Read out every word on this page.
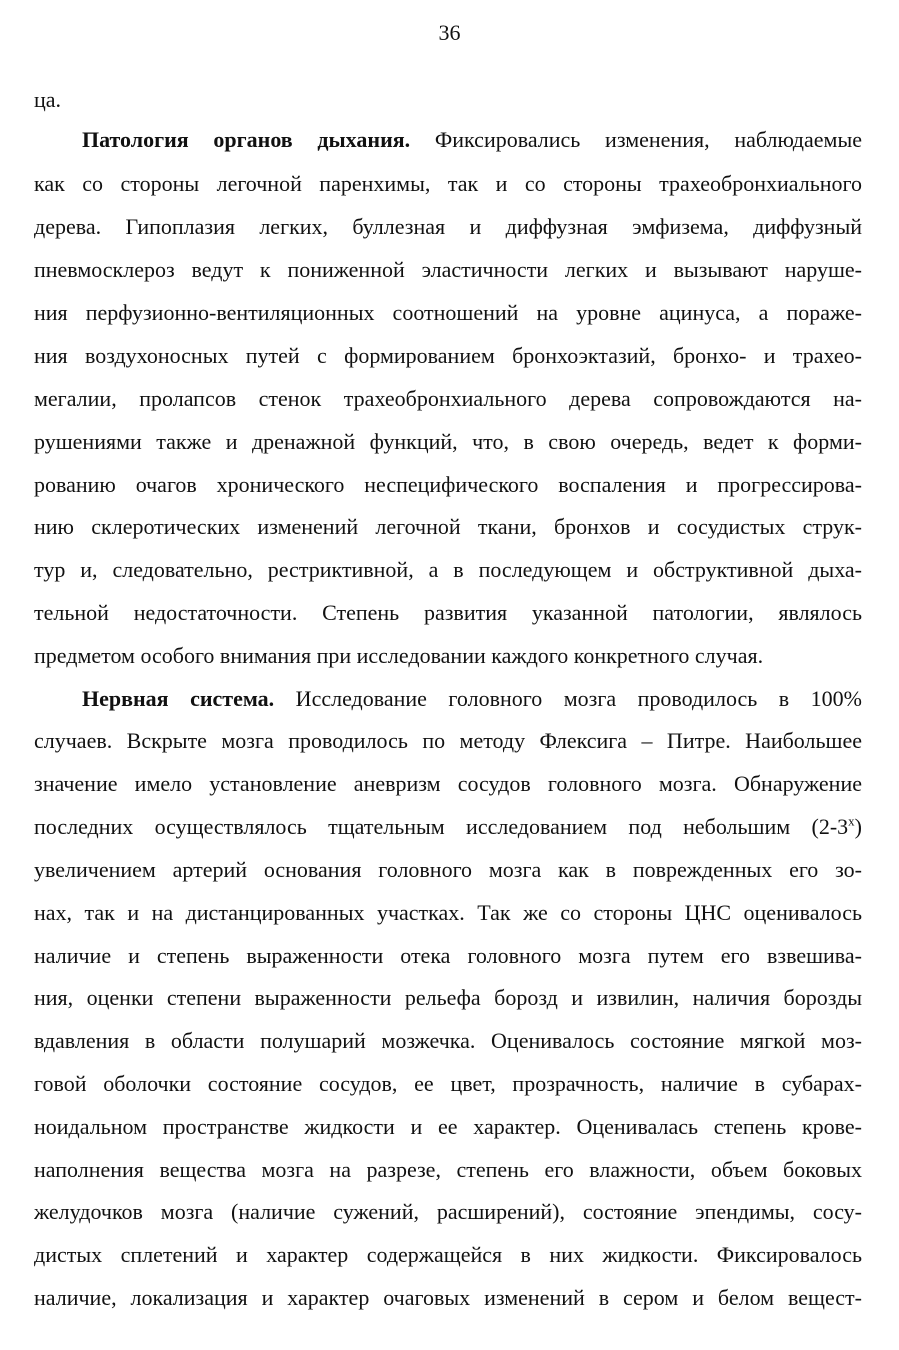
36
ца.
Патология органов дыхания. Фиксировались изменения, наблюдаемые
как со стороны легочной паренхимы, так и со стороны трахеобронхиального
дерева. Гипоплазия легких, буллезная и диффузная эмфизема, диффузный
пневмосклероз ведут к пониженной эластичности легких и вызывают наруше-
ния перфузионно-вентиляционных соотношений на уровне ацинуса, а пораже-
ния воздухоносных путей с формированием бронхоэктазий, бронхо- и трахео-
мегалии, пролапсов стенок трахеобронхиального дерева сопровождаются на-
рушениями также и дренажной функций, что, в свою очередь, ведет к форми-
рованию очагов хронического неспецифического воспаления и прогрессирова-
нию склеротических изменений легочной ткани, бронхов и сосудистых струк-
тур и, следовательно, рестриктивной, а в последующем и обструктивной дыха-
тельной недостаточности. Степень развития указанной патологии, являлось
предметом особого внимания при исследовании каждого конкретного случая.
Нервная система. Исследование головного мозга проводилось в 100%
случаев. Вскрыте мозга проводилось по методу Флексига – Питре. Наибольшее
значение имело установление аневризм сосудов головного мозга. Обнаружение
последних осуществлялось тщательным исследованием под небольшим $(2-3^х)$
увеличением артерий основания головного мозга как в поврежденных его зо-
нах, так и на дистанцированных участках. Так же со стороны ЦНС оценивалось
наличие и степень выраженности отека головного мозга путем его взвешива-
ния, оценки степени выраженности рельефа борозд и извилин, наличия борозды
вдавления в области полушарий мозжечка. Оценивалось состояние мягкой моз-
говой оболочки состояние сосудов, ее цвет, прозрачность, наличие в субарах-
ноидальном пространстве жидкости и ее характер. Оценивалась степень крове-
наполнения вещества мозга на разрезе, степень его влажности, объем боковых
желудочков мозга (наличие сужений, расширений), состояние эпендимы, сосу-
дистых сплетений и характер содержащейся в них жидкости. Фиксировалось
наличие, локализация и характер очаговых изменений в сером и белом вещест-
